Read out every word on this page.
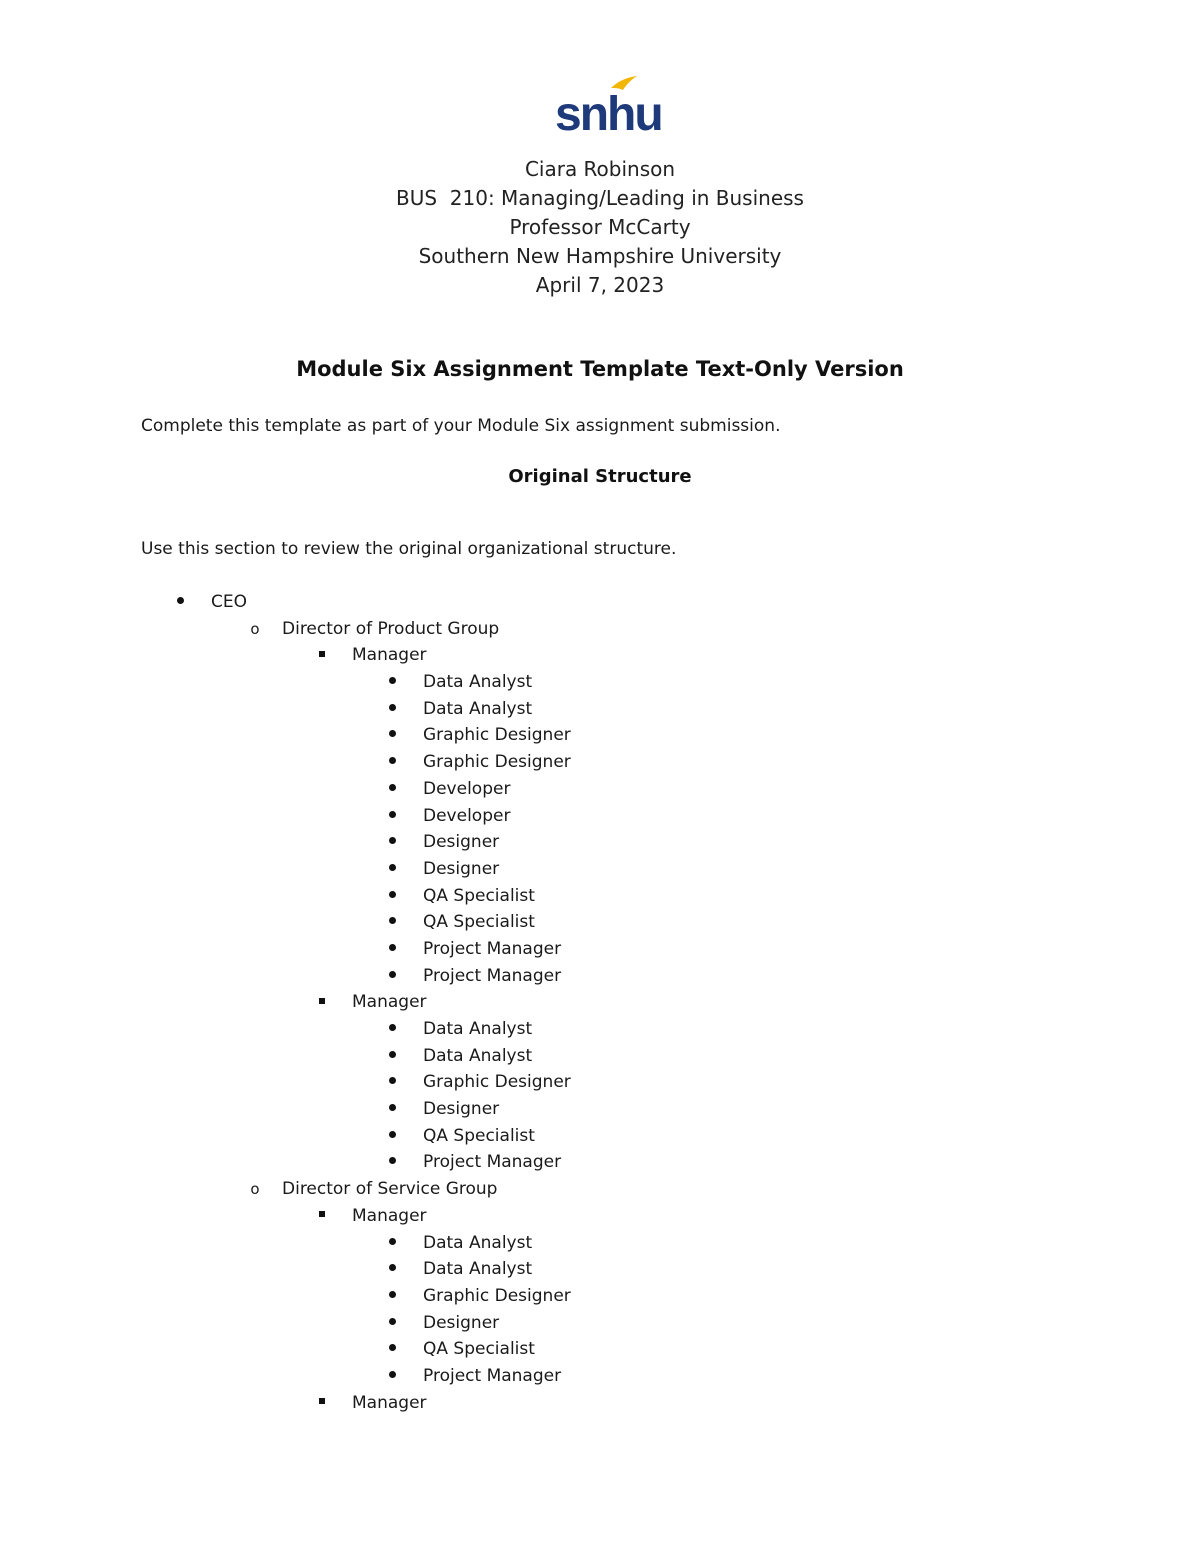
snhu
Ciara Robinson
BUS  210: Managing/Leading in Business
Professor McCarty
Southern New Hampshire University
April 7, 2023
Module Six Assignment Template Text-Only Version
Complete this template as part of your Module Six assignment submission.
Original Structure
Use this section to review the original organizational structure.
CEO
o	Director of Product Group
Manager
Data Analyst
Data Analyst
Graphic Designer
Graphic Designer
Developer
Developer
Designer
Designer
QA Specialist
QA Specialist
Project Manager
Project Manager
Manager
Data Analyst
Data Analyst
Graphic Designer
Designer
QA Specialist
Project Manager
o	Director of Service Group
Manager
Data Analyst
Data Analyst
Graphic Designer
Designer
QA Specialist
Project Manager
Manager
